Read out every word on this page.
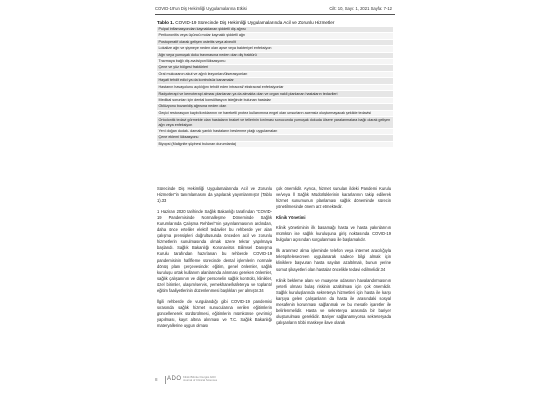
COVID-19'un Diş Hekimliği Uygulamalarına Etkisi	Cilt: 10, Sayı: 1, 2021 Sayfa: 7-12
Tablo 1. COVID-19 Sürecinde Diş Hekimliği Uygulamalarında Acil ve Zorunlu Hizmetler
Pulpal inflamasyondan kaynaklanan şiddetli diş ağrısı
Perikoronitis veya üçüncü molar kaynaklı şiddetli ağrı
Postoperatif olarak gelişen osteitis veya alveolit
Lokalize ağrı ve şişmeye neden olan apse veya bakteriyel enfeksiyon
Ağrı veya yumuşak doku travmasına neden olan diş fraktürü
Travmaya bağlı diş avulsiyon/lüksasyonu
Çene ve yüz bölgesi fraktürleri
Oral mukozanın akut ve ağrılı lezyonları/ülserasyonları
Hayati tehdit edici ya da kontrolsüz kanamalar
Hastanın havayolunu açıklığını tehdit eden intraoral/ ekstraoral enfeksiyonlar
Radyoterapi ve kemoterapi alması planlanan ya da almakta olan ve organ nakli planlanan hastaların tedavileri
Medikal sorunları için dental konsültasyon isteğinde bulunan hastalar
Oklüzyonu bozan/diş ağrısına neden olan
Geçici restorasyon kaybı/kırıklarının ve hareketli protez kullanımına engel olan unsurların acemsiz oluşturmayacak şekilde tedavisi
Ortodontik tedavi görmekte olan hastaların braket ve tellerinin kırılması sonucunda yumuşak dokuda ülsere yaralanmalara bağlı olarak gelişen ağrı veya enfeksiyon
Yeni doğan dudak- damak yarıklı hastaların beslenme plağı uygulamaları
Çene eklemi lüksasyonu
Biyopsi (Malignite şüphesi bulunan durumlarda)

Sürecinde Diş Hekimliği Uygulamalarında Acil ve Zorunlu Hizmetler"in tanımlamasını da yapılarak yayımlanmıştır (Tablo 1).33

1 Haziran 2020 tarihinde Sağlık Bakanlığı tarafından "COVID-19 Pandemisinde Normalleşme Döneminde Sağlık Kurumlarında Çalışma Rehberi"nin yayınlanmasının ardından, daha önce erteliler elektif tedaviler bu rehberde yer alan çalışma prensipleri doğrultusunda önceden acil ve zorunlu hizmetlerin sunulmasında olmak üzere tekrar yapılmaya başlandı. Sağlık Bakanlığı Koronavirüs Bilimsel Danışma Kurulu tarafından hazırlanan bu rehberde COVID-19 pandemisinin hafifleme sürecinde dental işlemlerin normale dönüş planı çerçevesinde: eğitim, genel önlemler, sağlık kuruluşu ortak kullanım alanlarında alınması gereken önlemler, sağlık çalışanının ve diğer personelin sağlık kontrolü, klinikler, özel birimler, ulaşım/servis, yemekhane/kafeterya ve toplantı/ eğitim faaliyetlerinin düzenlenmesi başlıkları yer almıştır.34

İlgili rehberde de vurgulandığı gibi COVID-19 pandemisi sırasında sağlık hizmet sunucularına verilen eğitimlerin güncellenerek sürdürülmesi, eğitimlerin mümkünse çevrimiçi yapılması, kayıt altına alınması ve T.C. Sağlık Bakanlığı materyallerine uygun olması

çok önemlidir. Ayrıca, hizmet sunulan ildeki Pandemi Kurulu ve/veya İl Sağlık Müdürlüklerinin kararlarının takip edilerek hizmet sunumunun planlaması sağlık döneminde sürecin yönetilmesinde önem arz etmektedir.

Klinik Yönetimi

Klinik yönetiminin ilk basamağı hasta ve hasta yakınlarının mümkün ise sağlık kuruluşuna giriş noktasında COVID-19 bulguları açısından sorgulanması ile başlamalıdır.

İlk aranmez alma işleminde telefon veya internet aracılığıyla teletıp/telesecreen uygulanarak sadece bilgi almak için kliniklere başvuran hasta sayıları azaltılmalı, bunun yerine somut şikayetleri olan hastalar öncelikle tedavi edilmelidir.34

Klinik bekleme alanı ve muayene odasının havalandırmasının yeterli olması bulaş riskinin azaltılması için çok önemlidir. Sağlık kuruluşlarında sekreterya hizmetleri için hasta ile karşı karşıya gelen çalışanların da hasta ile arasındaki sosyal mesafenin korunması sağlanmalı ve bu mesafe işaretler ile belirlenmelidir. Hasta ve sekreterya arasında bir bariyer oluşturulması gereklidir. Bariyer sağlanamıyorsa sekreteryada çalışanların tıbbi maskeye ilave olarak

8 ADO Klinik Bilimler Dergisi ADO Journal of Clinical Sciences
